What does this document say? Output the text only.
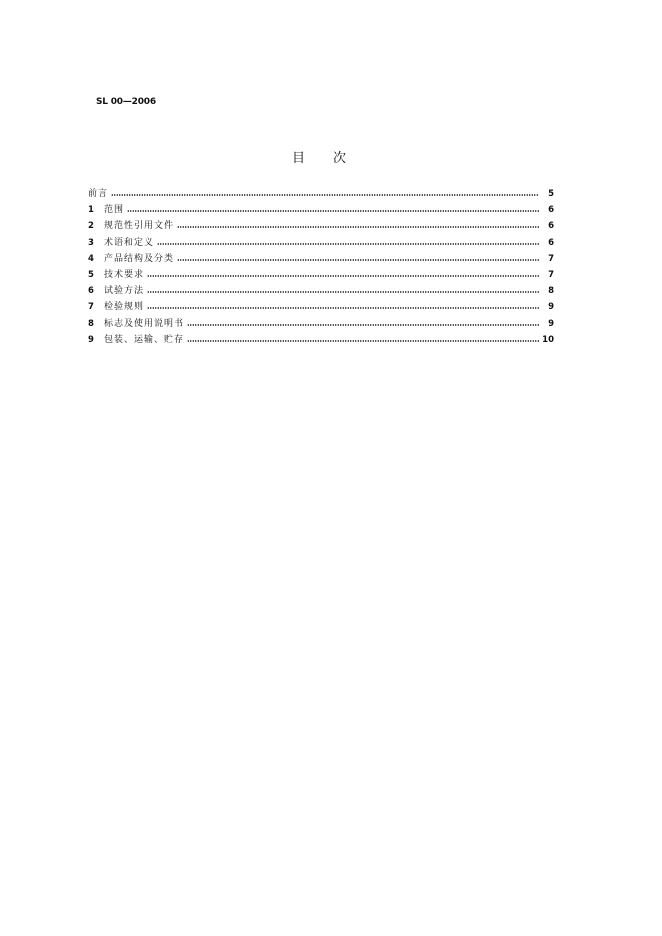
SL 00—2006
目 次
前言	5
1	范围	6
2	规范性引用文件	6
3	术语和定义	6
4	产品结构及分类	7
5	技术要求	7
6	试验方法	8
7	检验规则	9
8	标志及使用说明书	9
9	包装、运输、贮存	10
